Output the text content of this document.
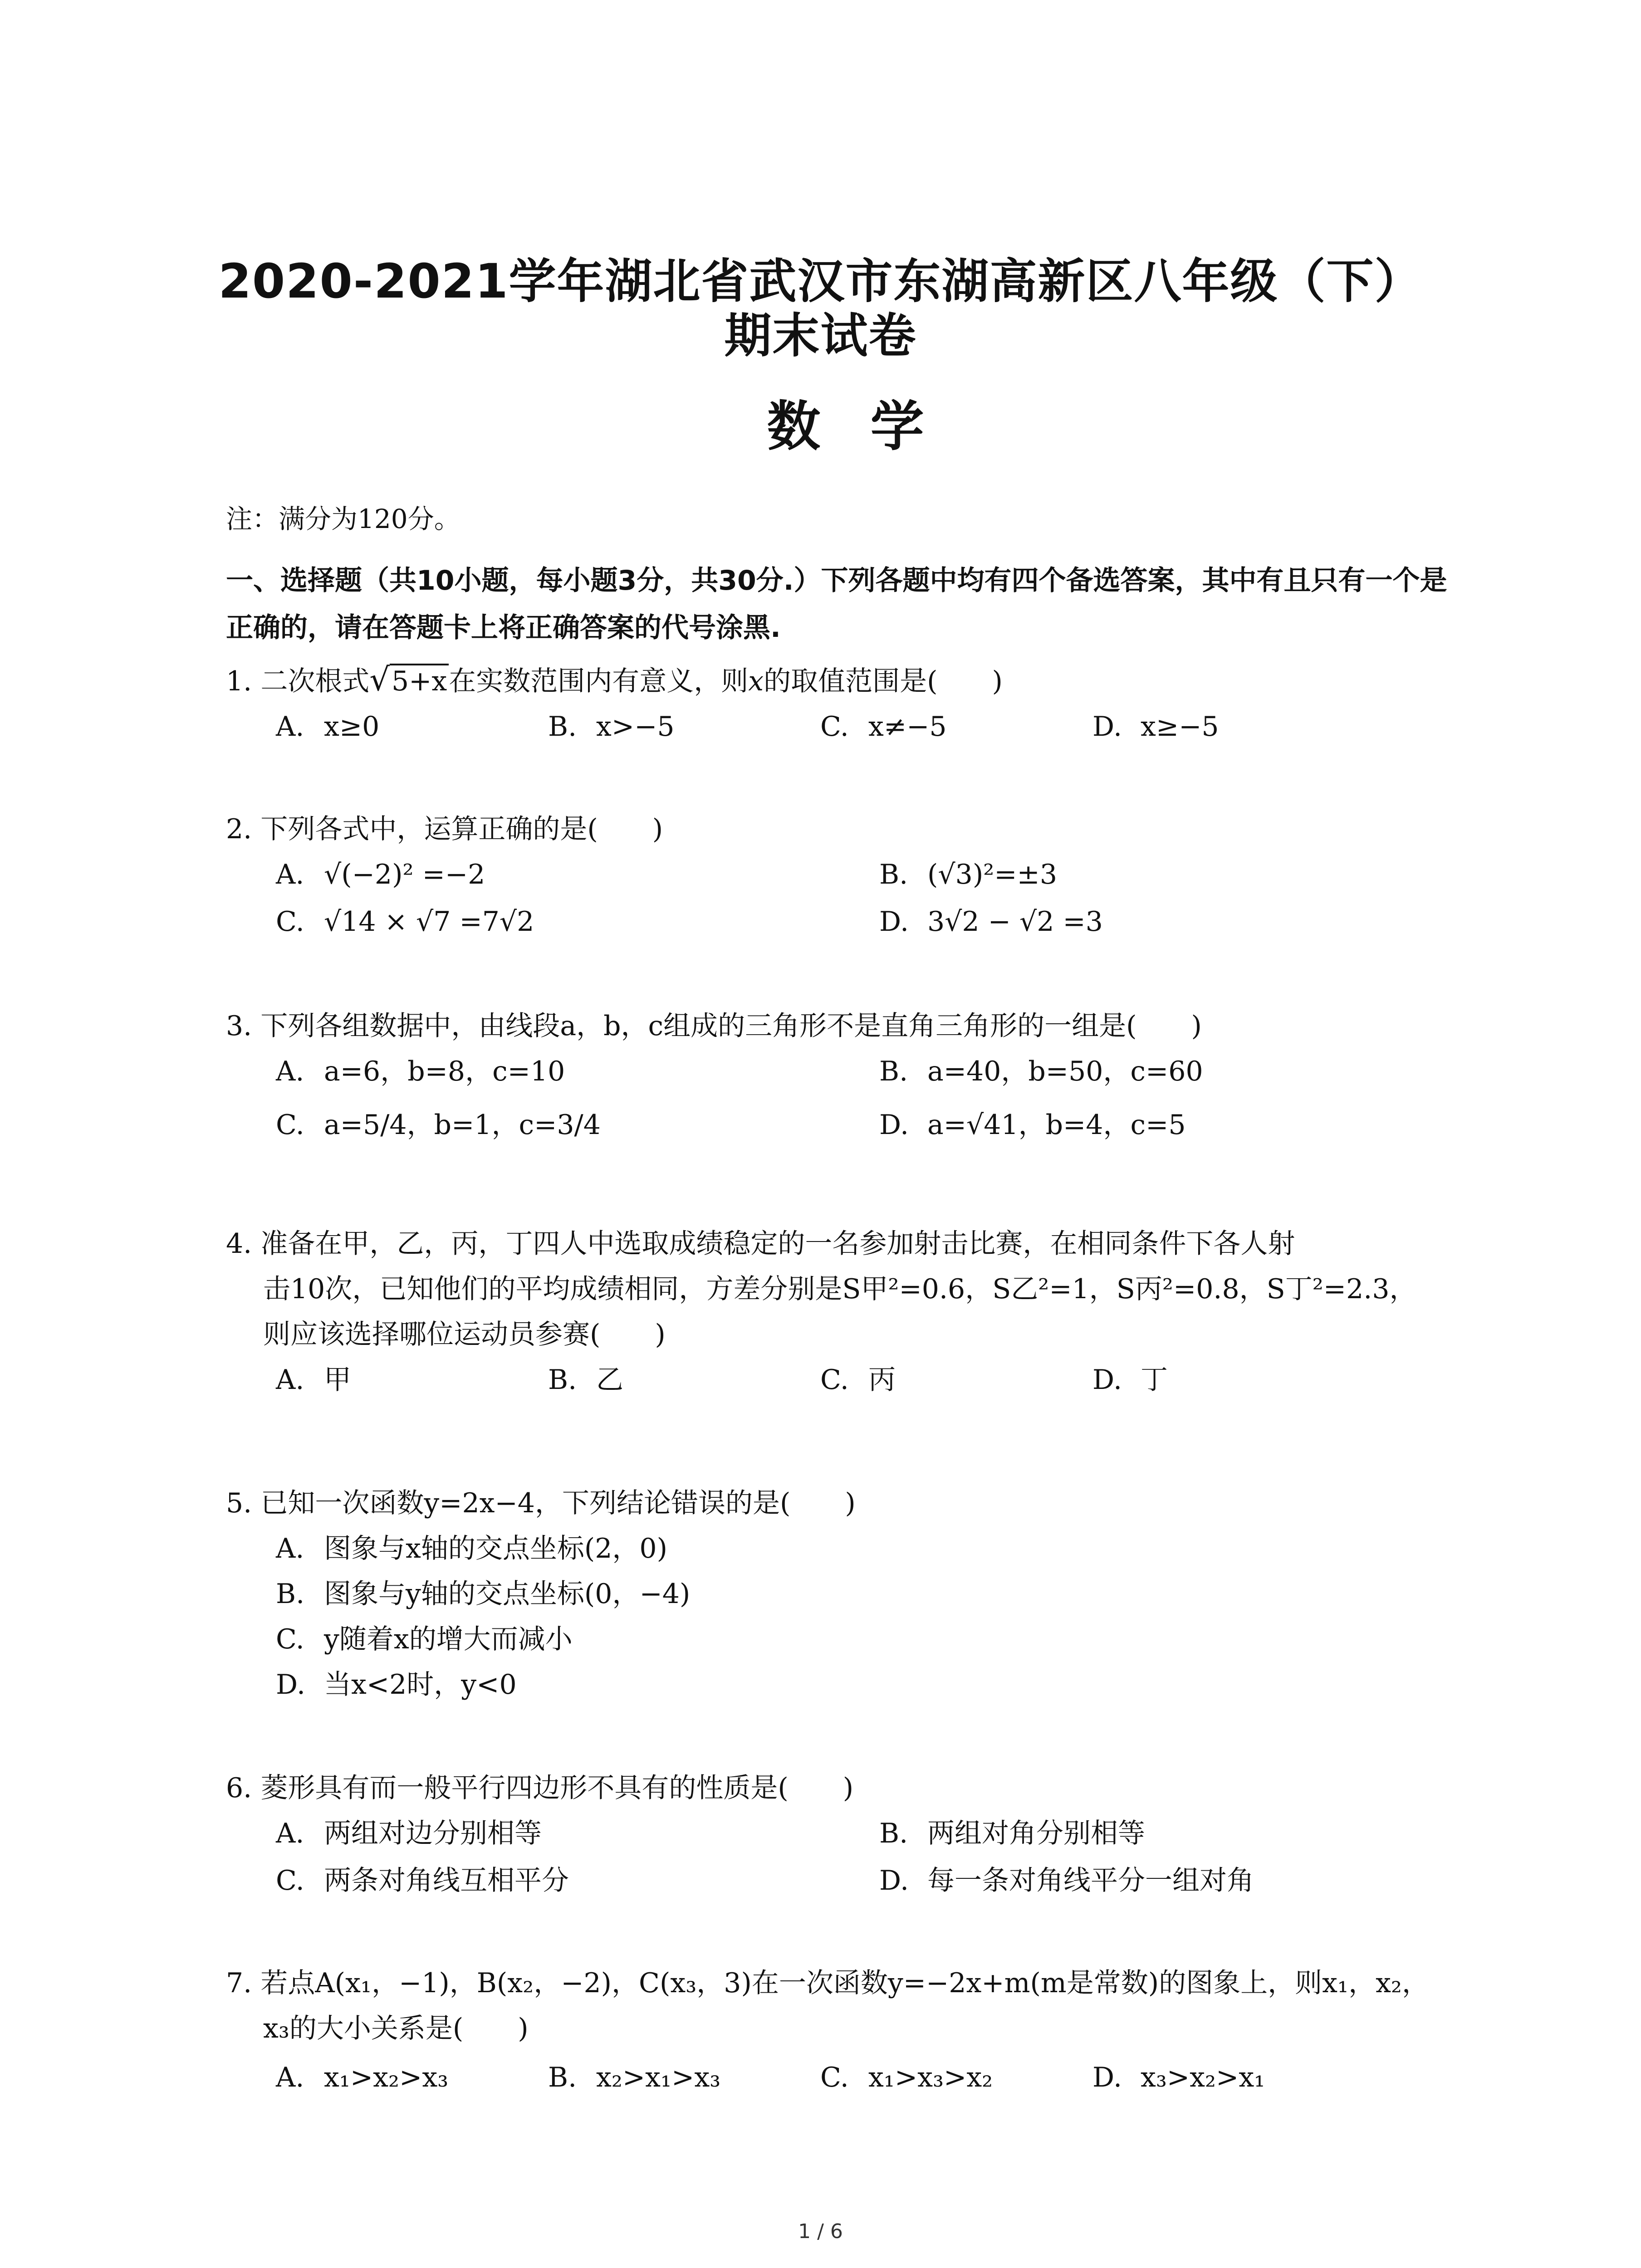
2020-2021学年湖北省武汉市东湖高新区八年级（下）
期末试卷
数学
注：满分为120分。
一、选择题（共10小题，每小题3分，共30分.）下列各题中均有四个备选答案，其中有且只有一个是正确的，请在答题卡上将正确答案的代号涂黑.
1. 二次根式√5+x在实数范围内有意义，则x的取值范围是(　　)
A. x≥0	B. x>−5	C. x≠−5	D. x≥−5
2. 下列各式中，运算正确的是(　　)
A. √(−2)² =−2	B. (√3)²=±3
C. √14 × √7 =7√2	D. 3√2 − √2 =3
3. 下列各组数据中，由线段a，b，c组成的三角形不是直角三角形的一组是(　　)
A. a=6，b=8，c=10	B. a=40，b=50，c=60
C. a=5/4，b=1，c=3/4	D. a=√41，b=4，c=5
4. 准备在甲，乙，丙，丁四人中选取成绩稳定的一名参加射击比赛，在相同条件下各人射
击10次，已知他们的平均成绩相同，方差分别是S甲²=0.6，S乙²=1，S丙²=0.8，S丁²=2.3，
则应该选择哪位运动员参赛(　　)
A. 甲	B. 乙	C. 丙	D. 丁
5. 已知一次函数y=2x−4，下列结论错误的是(　　)
A. 图象与x轴的交点坐标(2，0)
B. 图象与y轴的交点坐标(0，−4)
C. y随着x的增大而减小
D. 当x<2时，y<0
6. 菱形具有而一般平行四边形不具有的性质是(　　)
A. 两组对边分别相等	B. 两组对角分别相等
C. 两条对角线互相平分	D. 每一条对角线平分一组对角
7. 若点A(x₁，−1)，B(x₂，−2)，C(x₃，3)在一次函数y=−2x+m(m是常数)的图象上，则x₁，x₂，
x₃的大小关系是(　　)
A. x₁>x₂>x₃	B. x₂>x₁>x₃	C. x₁>x₃>x₂	D. x₃>x₂>x₁
1 / 6
